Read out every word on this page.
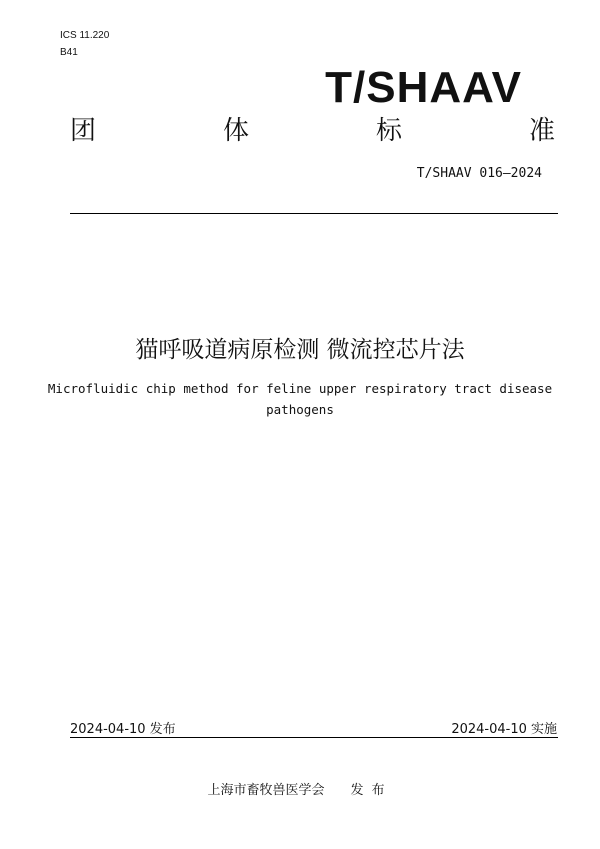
ICS 11.220
B41
T/SHAAV
团	体	标	准
T/SHAAV 016—2024
猫呼吸道病原检测 微流控芯片法
Microfluidic chip method for feline upper respiratory tract disease pathogens
2024-04-10 发布	2024-04-10 实施
上海市畜牧兽医学会 发布
